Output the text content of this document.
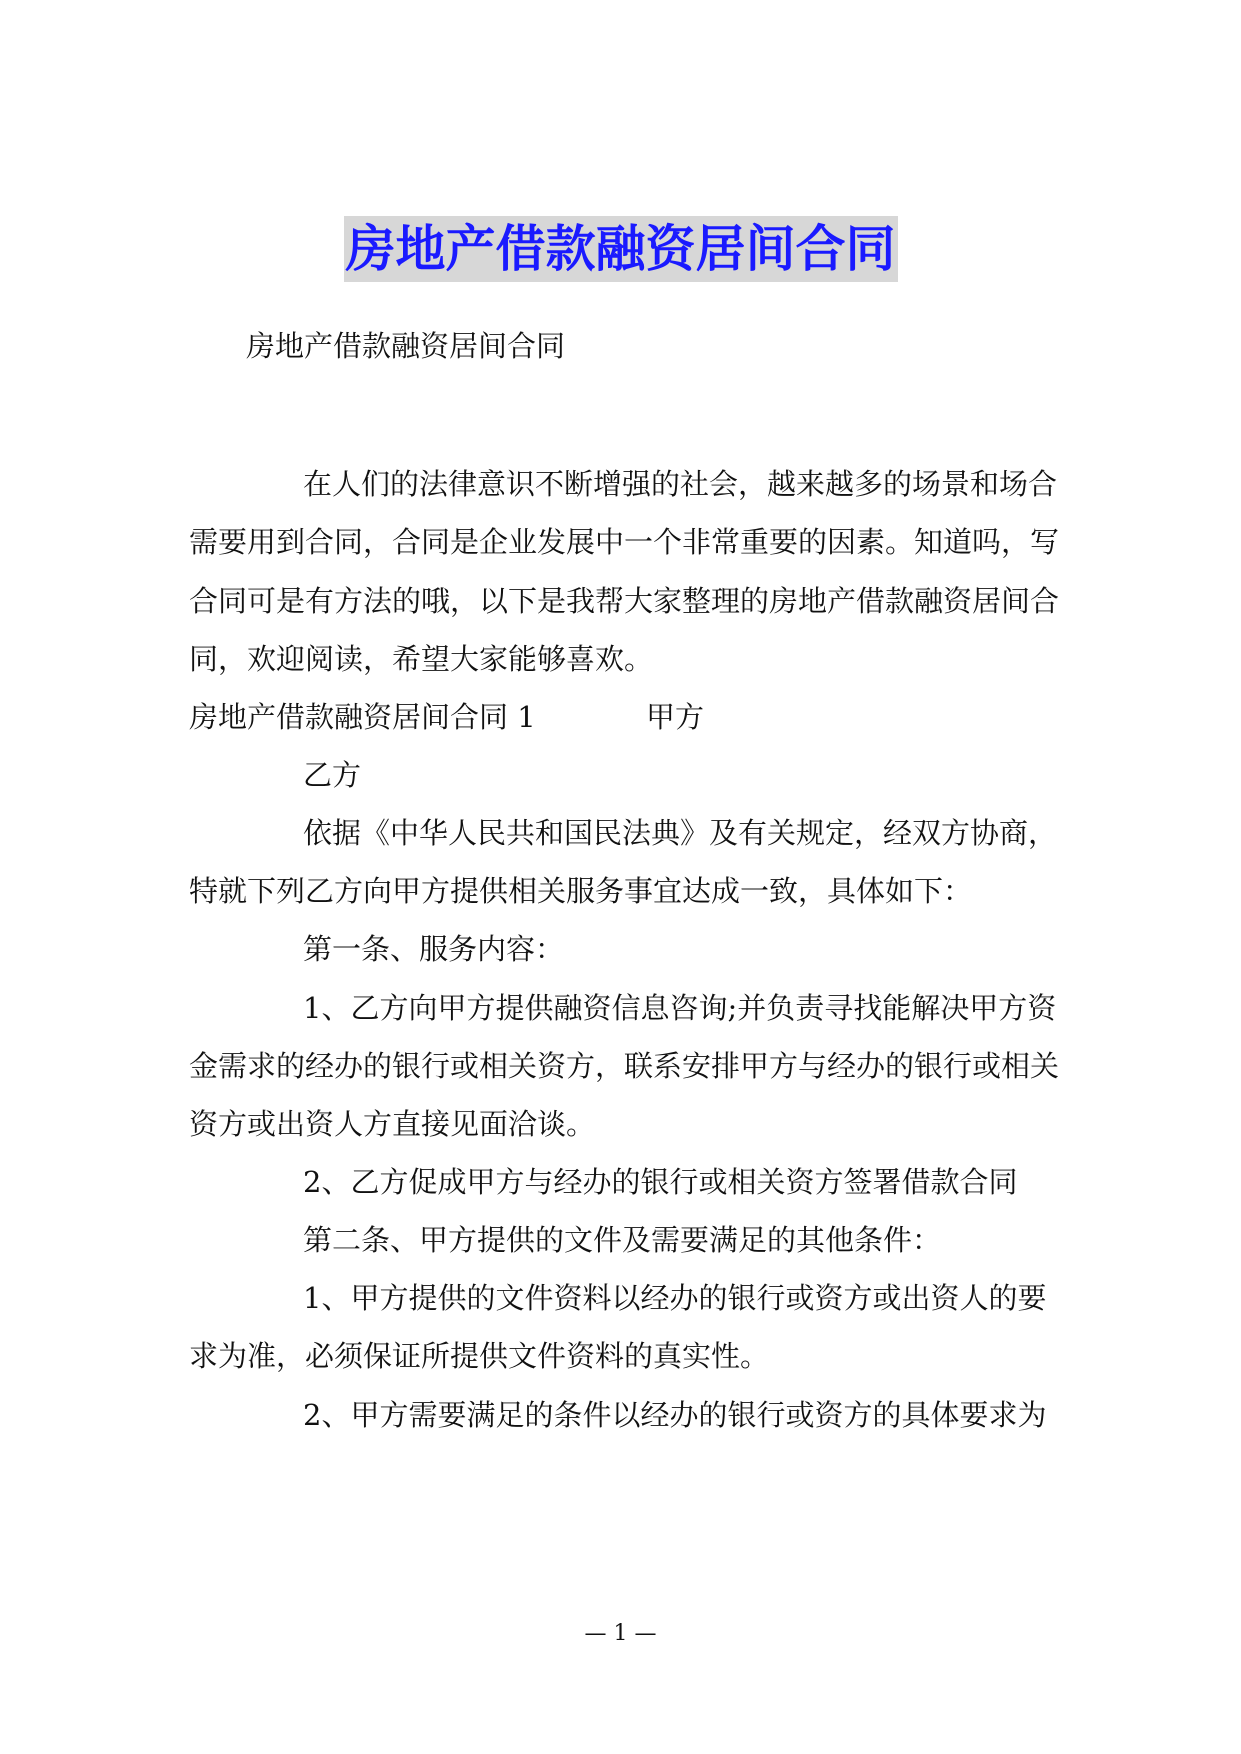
房地产借款融资居间合同
房地产借款融资居间合同
在人们的法律意识不断增强的社会，越来越多的场景和场合
需要用到合同，合同是企业发展中一个非常重要的因素。知道吗，写
合同可是有方法的哦，以下是我帮大家整理的房地产借款融资居间合
同，欢迎阅读，希望大家能够喜欢。
房地产借款融资居间合同 1	甲方
乙方
依据《中华人民共和国民法典》及有关规定，经双方协商，
特就下列乙方向甲方提供相关服务事宜达成一致，具体如下：
第一条、服务内容：
1、乙方向甲方提供融资信息咨询;并负责寻找能解决甲方资
金需求的经办的银行或相关资方，联系安排甲方与经办的银行或相关
资方或出资人方直接见面洽谈。
2、乙方促成甲方与经办的银行或相关资方签署借款合同
第二条、甲方提供的文件及需要满足的其他条件：
1、甲方提供的文件资料以经办的银行或资方或出资人的要
求为准，必须保证所提供文件资料的真实性。
2、甲方需要满足的条件以经办的银行或资方的具体要求为
— 1 —
